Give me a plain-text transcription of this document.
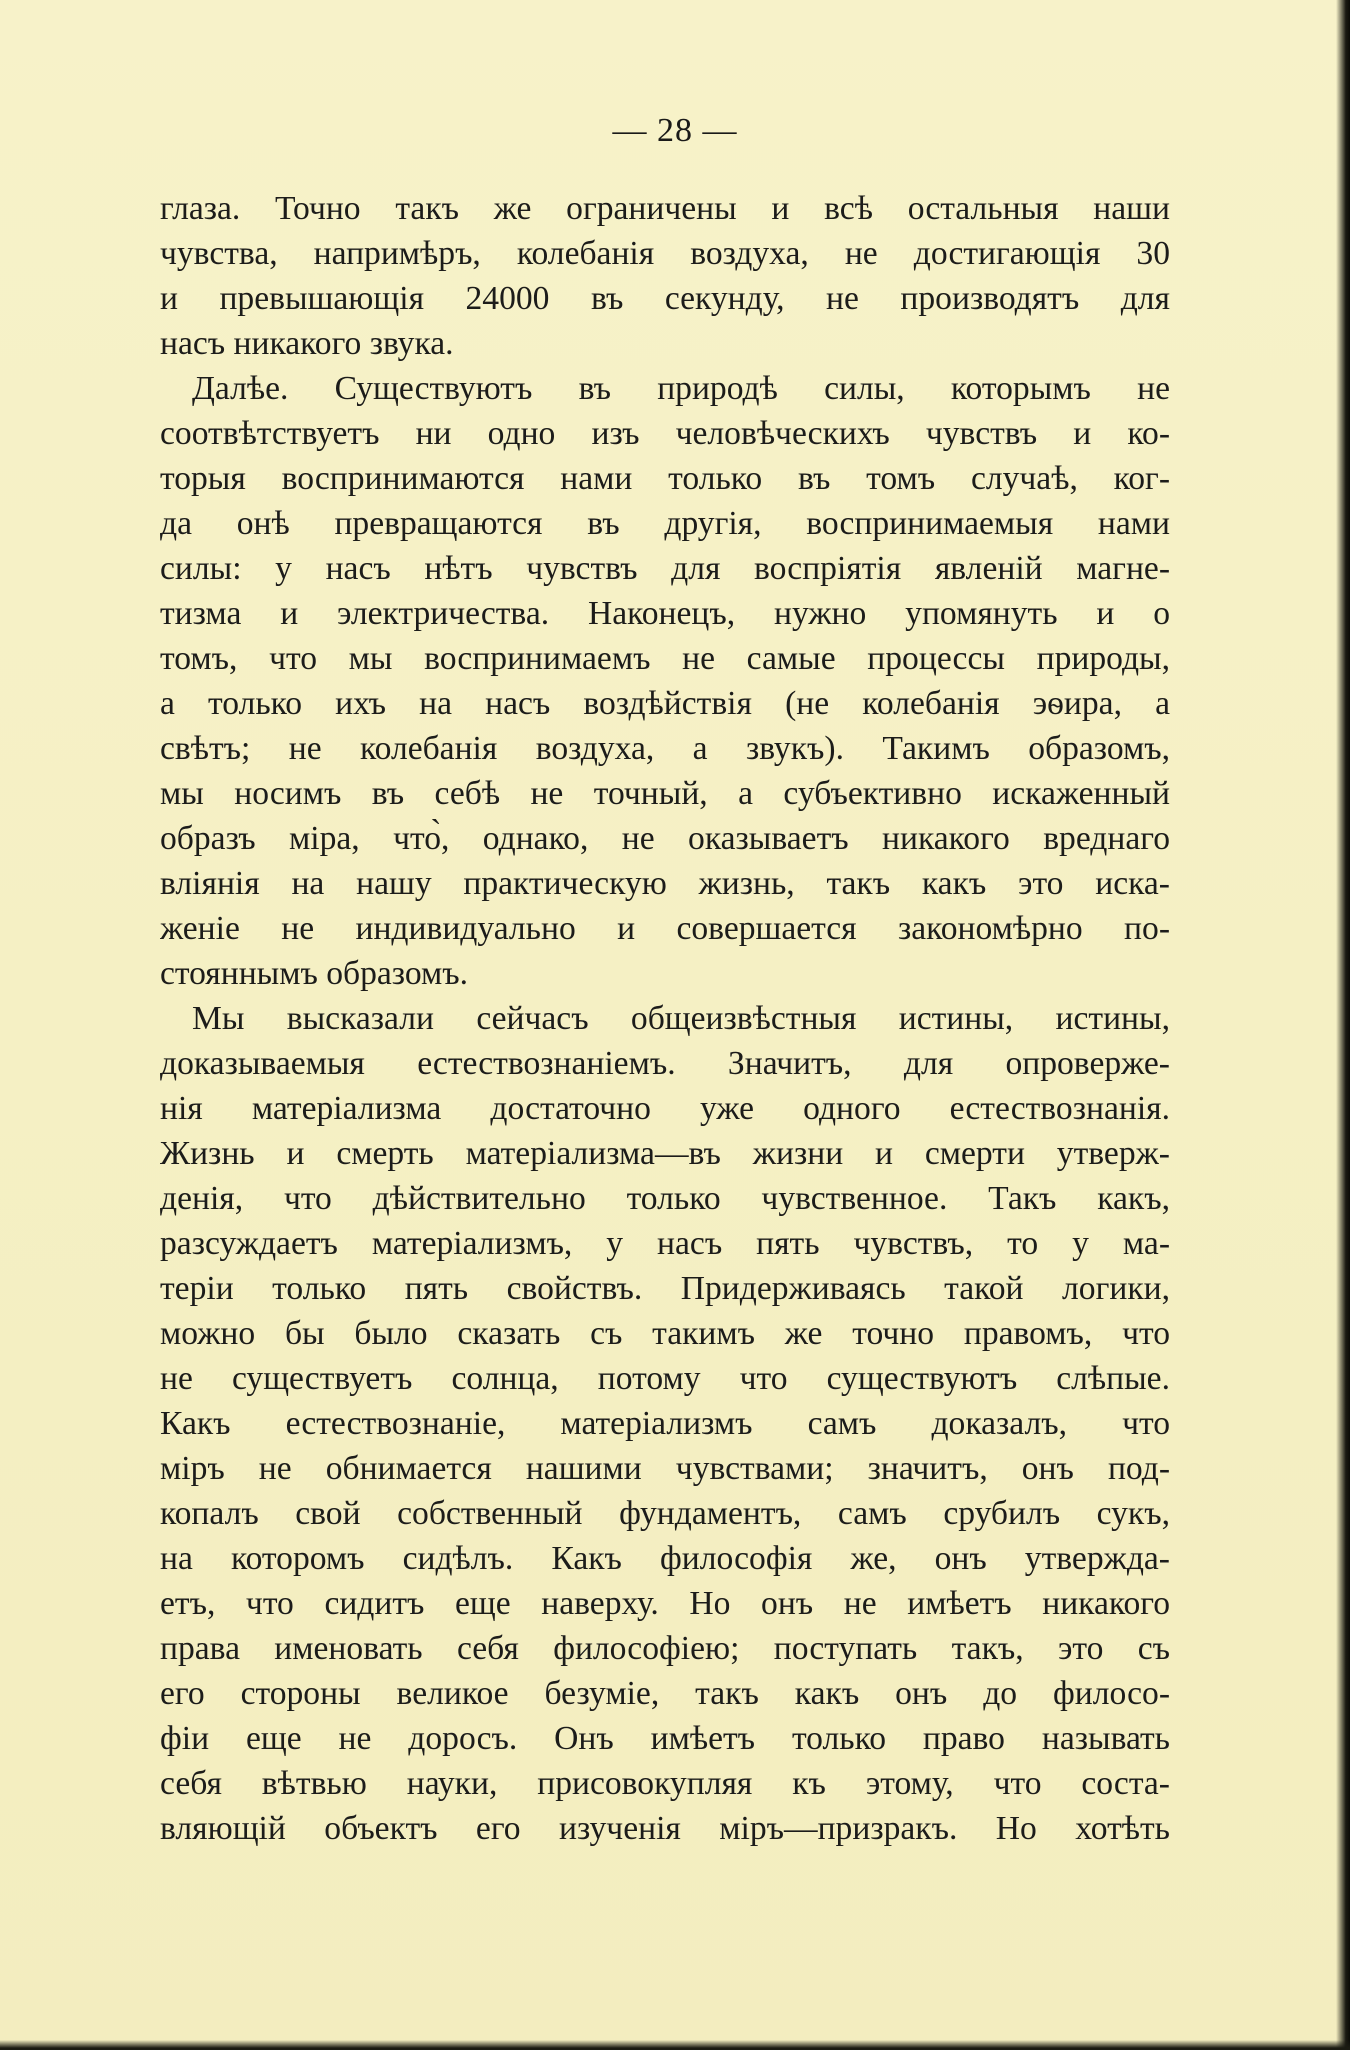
— 28 —
глаза. Точно такъ же ограничены и всѣ остальныя наши
чувства, напримѣръ, колебанія воздуха, не достигающія 30
и превышающія 24000 въ секунду, не производятъ для
насъ никакого звука.
Далѣе. Существуютъ въ природѣ силы, которымъ не
соотвѣтствуетъ ни одно изъ человѣческихъ чувствъ и ко-
торыя воспринимаются нами только въ томъ случаѣ, ког-
да онѣ превращаются въ другія, воспринимаемыя нами
силы: у насъ нѣтъ чувствъ для воспріятія явленій магне-
тизма и электричества. Наконецъ, нужно упомянуть и о
томъ, что мы воспринимаемъ не самые процессы природы,
а только ихъ на насъ воздѣйствія (не колебанія эѳира, а
свѣтъ; не колебанія воздуха, а звукъ). Такимъ образомъ,
мы носимъ въ себѣ не точный, а субъективно искаженный
образъ міра, что̀, однако, не оказываетъ никакого вреднаго
вліянія на нашу практическую жизнь, такъ какъ это иска-
женіе не индивидуально и совершается закономѣрно по-
стояннымъ образомъ.
Мы высказали сейчасъ общеизвѣстныя истины, истины,
доказываемыя естествознаніемъ. Значитъ, для опроверже-
нія матеріализма достаточно уже одного естествознанія.
Жизнь и смерть матеріализма—въ жизни и смерти утверж-
денія, что дѣйствительно только чувственное. Такъ какъ,
разсуждаетъ матеріализмъ, у насъ пять чувствъ, то у ма-
теріи только пять свойствъ. Придерживаясь такой логики,
можно бы было сказать съ такимъ же точно правомъ, что
не существуетъ солнца, потому что существуютъ слѣпые.
Какъ естествознаніе, матеріализмъ самъ доказалъ, что
міръ не обнимается нашими чувствами; значитъ, онъ под-
копалъ свой собственный фундаментъ, самъ срубилъ сукъ,
на которомъ сидѣлъ. Какъ философія же, онъ утвержда-
етъ, что сидитъ еще наверху. Но онъ не имѣетъ никакого
права именовать себя философіею; поступать такъ, это съ
его стороны великое безуміе, такъ какъ онъ до филосо-
фіи еще не доросъ. Онъ имѣетъ только право называть
себя вѣтвью науки, присовокупляя къ этому, что соста-
вляющій объектъ его изученія міръ—призракъ. Но хотѣть
